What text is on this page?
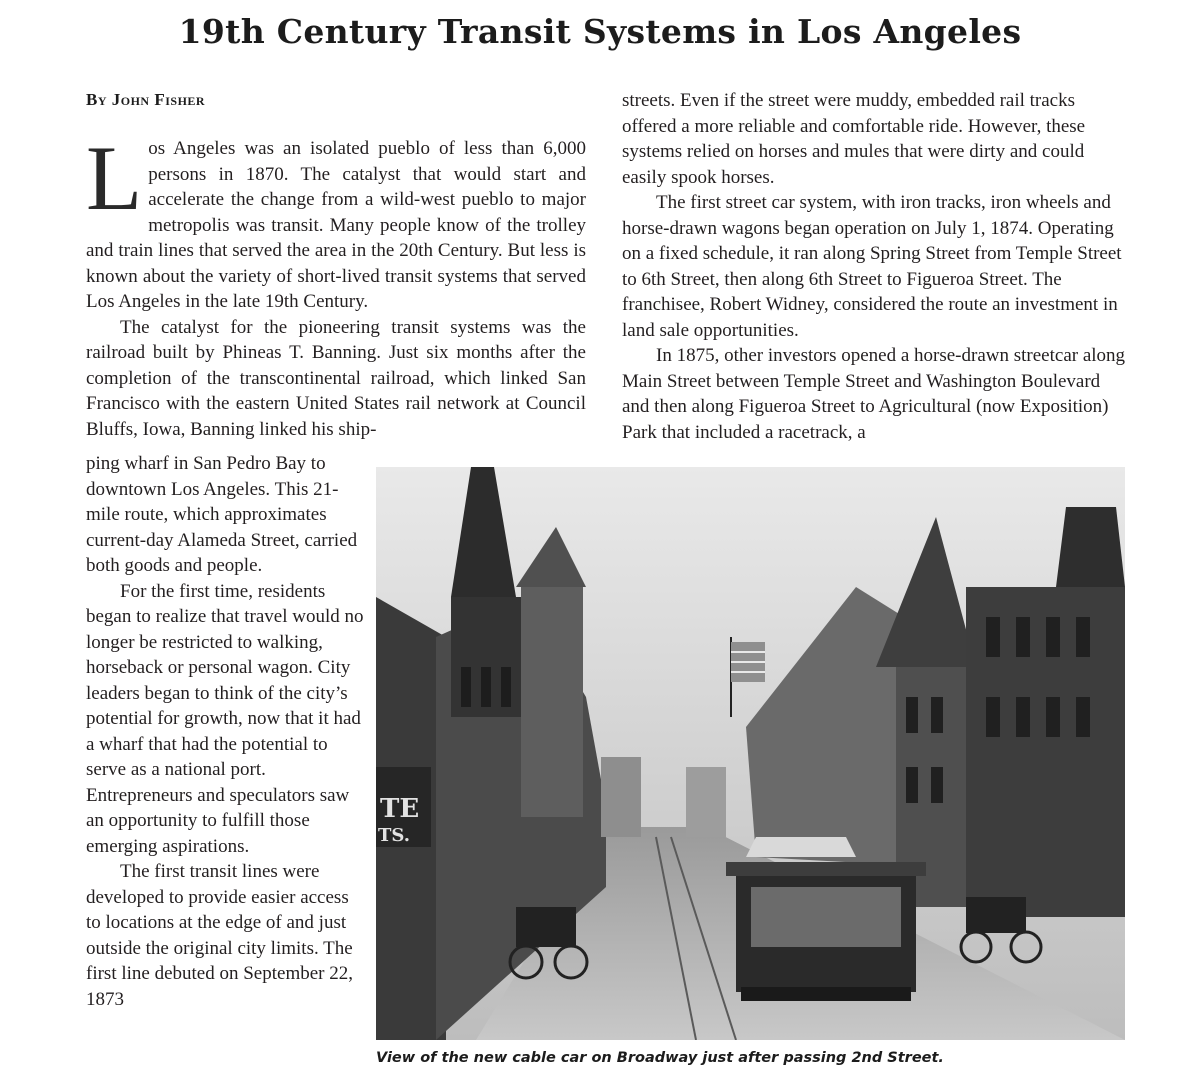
19th Century Transit Systems in Los Angeles
By John Fisher

Los Angeles was an isolated pueblo of less than 6,000 persons in 1870. The catalyst that would start and accelerate the change from a wild-west pueblo to major metropolis was transit. Many people know of the trolley and train lines that served the area in the 20th Century. But less is known about the variety of short-lived transit systems that served Los Angeles in the late 19th Century.

The catalyst for the pioneering transit systems was the railroad built by Phineas T. Banning. Just six months after the completion of the transcontinental railroad, which linked San Francisco with the eastern United States rail network at Council Bluffs, Iowa, Banning linked his ship-

ping wharf in San Pedro Bay to downtown Los Angeles. This 21-mile route, which approximates current-day Alameda Street, carried both goods and people.

For the first time, residents began to realize that travel would no longer be restricted to walking, horseback or personal wagon. City leaders began to think of the city’s potential for growth, now that it had a wharf that had the potential to serve as a national port. Entrepreneurs and speculators saw an opportunity to fulfill those emerging aspirations.

The first transit lines were developed to provide easier access to locations at the edge of and just outside the original city limits. The first line debuted on September 22, 1873

streets. Even if the street were muddy, embedded rail tracks offered a more reliable and comfortable ride. However, these systems relied on horses and mules that were dirty and could easily spook horses.

The first street car system, with iron tracks, iron wheels and horse-drawn wagons began operation on July 1, 1874. Operating on a fixed schedule, it ran along Spring Street from Temple Street to 6th Street, then along 6th Street to Figueroa Street. The franchisee, Robert Widney, considered the route an investment in land sale opportunities.

In 1875, other investors opened a horse-drawn streetcar along Main Street between Temple Street and Washington Boulevard and then along Figueroa Street to Agricultural (now Exposition) Park that included a racetrack, a

TE
TS.
View of the new cable car on Broadway just after passing 2nd Street.
